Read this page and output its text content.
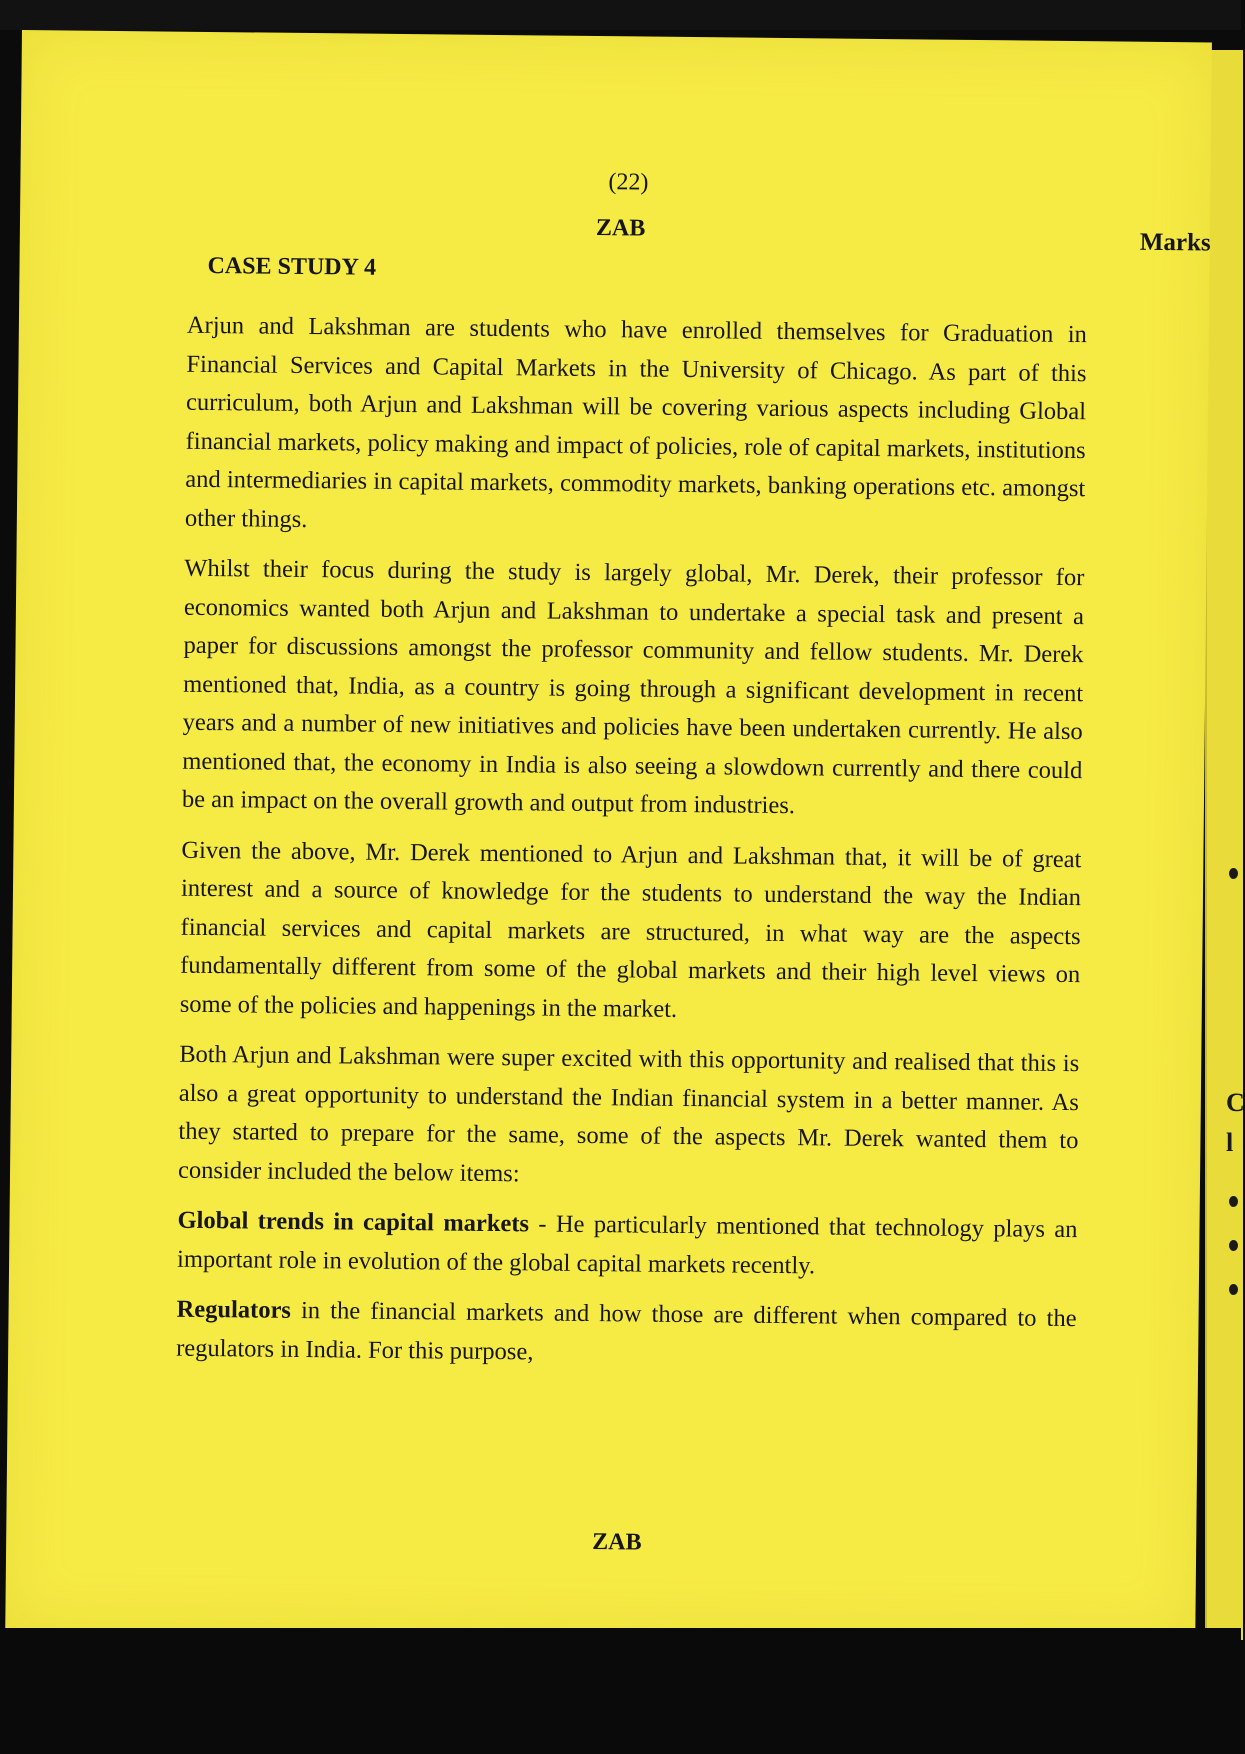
C
l
(22)
ZAB
Marks
CASE STUDY 4

Arjun and Lakshman are students who have enrolled themselves for Graduation in Financial Services and Capital Markets in the University of Chicago. As part of this curriculum, both Arjun and Lakshman will be covering various aspects including Global financial markets, policy making and impact of policies, role of capital markets, institutions and intermediaries in capital markets, commodity markets, banking operations etc. amongst other things.

Whilst their focus during the study is largely global, Mr. Derek, their professor for economics wanted both Arjun and Lakshman to undertake a special task and present a paper for discussions amongst the professor community and fellow students. Mr. Derek mentioned that, India, as a country is going through a significant development in recent years and a number of new initiatives and policies have been undertaken currently. He also mentioned that, the economy in India is also seeing a slowdown currently and there could be an impact on the overall growth and output from industries.

Given the above, Mr. Derek mentioned to Arjun and Lakshman that, it will be of great interest and a source of knowledge for the students to understand the way the Indian financial services and capital markets are structured, in what way are the aspects fundamentally different from some of the global markets and their high level views on some of the policies and happenings in the market.

Both Arjun and Lakshman were super excited with this opportunity and realised that this is also a great opportunity to understand the Indian financial system in a better manner. As they started to prepare for the same, some of the aspects Mr. Derek wanted them to consider included the below items:

Global trends in capital markets - He particularly mentioned that technology plays an important role in evolution of the global capital markets recently.

Regulators in the financial markets and how those are different when compared to the regulators in India. For this purpose,

ZAB
